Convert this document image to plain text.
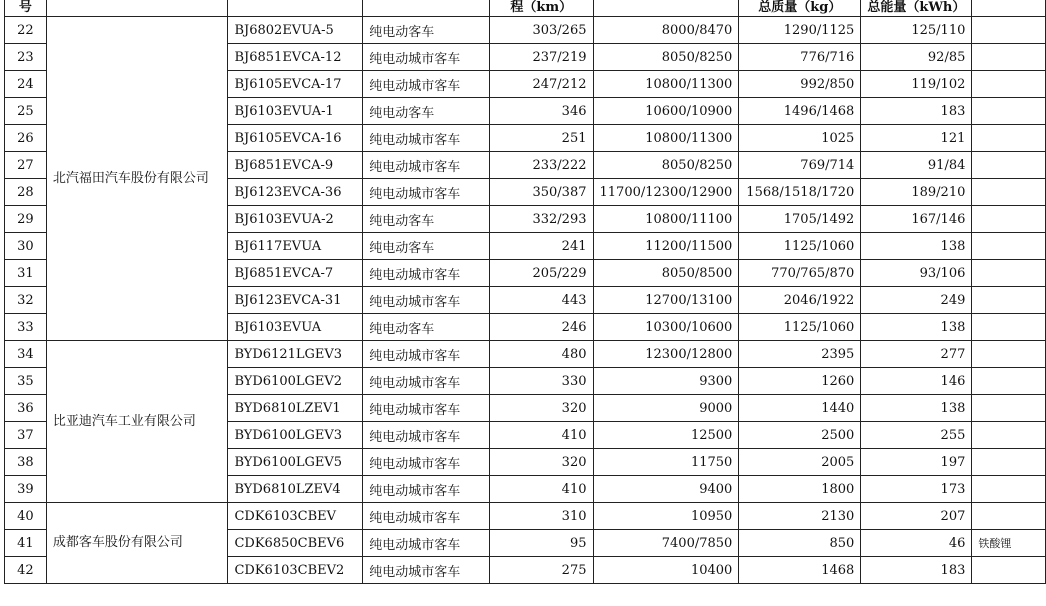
号				程（km）		总质量（kg）	总能量（kWh）	
22	北汽福田汽车股份有限公司	BJ6802EVUA-5	纯电动客车	303/265	8000/8470	1290/1125	125/110	
23		BJ6851EVCA-12	纯电动城市客车	237/219	8050/8250	776/716	92/85	
24		BJ6105EVCA-17	纯电动城市客车	247/212	10800/11300	992/850	119/102	
25		BJ6103EVUA-1	纯电动客车	346	10600/10900	1496/1468	183	
26		BJ6105EVCA-16	纯电动城市客车	251	10800/11300	1025	121	
27		BJ6851EVCA-9	纯电动城市客车	233/222	8050/8250	769/714	91/84	
28		BJ6123EVCA-36	纯电动城市客车	350/387	11700/12300/12900	1568/1518/1720	189/210	
29		BJ6103EVUA-2	纯电动客车	332/293	10800/11100	1705/1492	167/146	
30		BJ6117EVUA	纯电动客车	241	11200/11500	1125/1060	138	
31		BJ6851EVCA-7	纯电动城市客车	205/229	8050/8500	770/765/870	93/106	
32		BJ6123EVCA-31	纯电动城市客车	443	12700/13100	2046/1922	249	
33		BJ6103EVUA	纯电动客车	246	10300/10600	1125/1060	138	
34	比亚迪汽车工业有限公司	BYD6121LGEV3	纯电动城市客车	480	12300/12800	2395	277	
35		BYD6100LGEV2	纯电动城市客车	330	9300	1260	146	
36		BYD6810LZEV1	纯电动城市客车	320	9000	1440	138	
37		BYD6100LGEV3	纯电动城市客车	410	12500	2500	255	
38		BYD6100LGEV5	纯电动城市客车	320	11750	2005	197	
39		BYD6810LZEV4	纯电动城市客车	410	9400	1800	173	
40	成都客车股份有限公司	CDK6103CBEV	纯电动城市客车	310	10950	2130	207	
41		CDK6850CBEV6	纯电动城市客车	95	7400/7850	850	46	铁酸锂
42		CDK6103CBEV2	纯电动城市客车	275	10400	1468	183	
